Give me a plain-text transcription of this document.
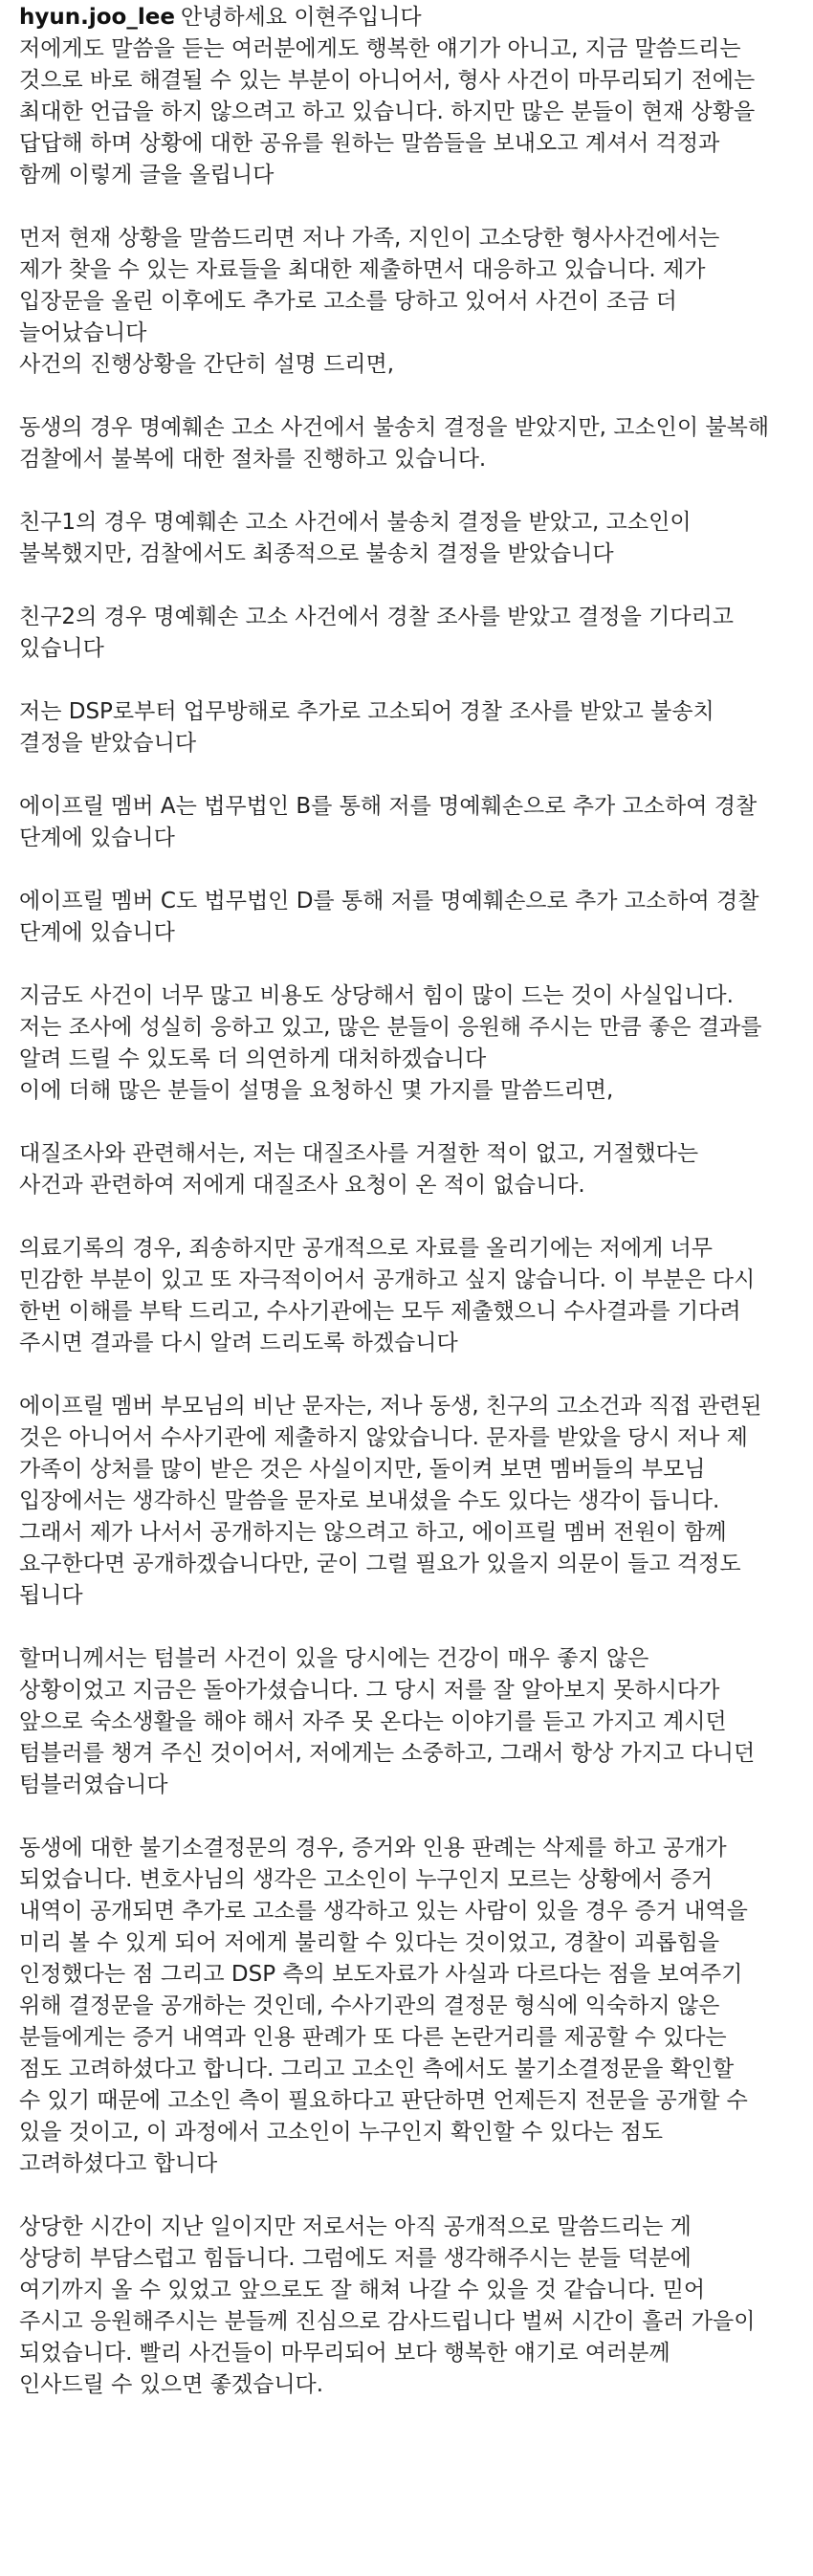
hyun.joo_lee 안녕하세요 이현주입니다

저에게도 말씀을 듣는 여러분에게도 행복한 얘기가 아니고, 지금 말씀드리는
것으로 바로 해결될 수 있는 부분이 아니어서, 형사 사건이 마무리되기 전에는
최대한 언급을 하지 않으려고 하고 있습니다. 하지만 많은 분들이 현재 상황을
답답해 하며 상황에 대한 공유를 원하는 말씀들을 보내오고 계셔서 걱정과
함께 이렇게 글을 올립니다

먼저 현재 상황을 말씀드리면 저나 가족, 지인이 고소당한 형사사건에서는
제가 찾을 수 있는 자료들을 최대한 제출하면서 대응하고 있습니다. 제가
입장문을 올린 이후에도 추가로 고소를 당하고 있어서 사건이 조금 더
늘어났습니다
사건의 진행상황을 간단히 설명 드리면,

동생의 경우 명예훼손 고소 사건에서 불송치 결정을 받았지만, 고소인이 불복해
검찰에서 불복에 대한 절차를 진행하고 있습니다.

친구1의 경우 명예훼손 고소 사건에서 불송치 결정을 받았고, 고소인이
불복했지만, 검찰에서도 최종적으로 불송치 결정을 받았습니다

친구2의 경우 명예훼손 고소 사건에서 경찰 조사를 받았고 결정을 기다리고
있습니다

저는 DSP로부터 업무방해로 추가로 고소되어 경찰 조사를 받았고 불송치
결정을 받았습니다

에이프릴 멤버 A는 법무법인 B를 통해 저를 명예훼손으로 추가 고소하여 경찰
단계에 있습니다

에이프릴 멤버 C도 법무법인 D를 통해 저를 명예훼손으로 추가 고소하여 경찰
단계에 있습니다

지금도 사건이 너무 많고 비용도 상당해서 힘이 많이 드는 것이 사실입니다.
저는 조사에 성실히 응하고 있고, 많은 분들이 응원해 주시는 만큼 좋은 결과를
알려 드릴 수 있도록 더 의연하게 대처하겠습니다
이에 더해 많은 분들이 설명을 요청하신 몇 가지를 말씀드리면,

대질조사와 관련해서는, 저는 대질조사를 거절한 적이 없고, 거절했다는
사건과 관련하여 저에게 대질조사 요청이 온 적이 없습니다.

의료기록의 경우, 죄송하지만 공개적으로 자료를 올리기에는 저에게 너무
민감한 부분이 있고 또 자극적이어서 공개하고 싶지 않습니다. 이 부분은 다시
한번 이해를 부탁 드리고, 수사기관에는 모두 제출했으니 수사결과를 기다려
주시면 결과를 다시 알려 드리도록 하겠습니다

에이프릴 멤버 부모님의 비난 문자는, 저나 동생, 친구의 고소건과 직접 관련된
것은 아니어서 수사기관에 제출하지 않았습니다. 문자를 받았을 당시 저나 제
가족이 상처를 많이 받은 것은 사실이지만, 돌이켜 보면 멤버들의 부모님
입장에서는 생각하신 말씀을 문자로 보내셨을 수도 있다는 생각이 듭니다.
그래서 제가 나서서 공개하지는 않으려고 하고, 에이프릴 멤버 전원이 함께
요구한다면 공개하겠습니다만, 굳이 그럴 필요가 있을지 의문이 들고 걱정도
됩니다

할머니께서는 텀블러 사건이 있을 당시에는 건강이 매우 좋지 않은
상황이었고 지금은 돌아가셨습니다. 그 당시 저를 잘 알아보지 못하시다가
앞으로 숙소생활을 해야 해서 자주 못 온다는 이야기를 듣고 가지고 계시던
텀블러를 챙겨 주신 것이어서, 저에게는 소중하고, 그래서 항상 가지고 다니던
텀블러였습니다

동생에 대한 불기소결정문의 경우, 증거와 인용 판례는 삭제를 하고 공개가
되었습니다. 변호사님의 생각은 고소인이 누구인지 모르는 상황에서 증거
내역이 공개되면 추가로 고소를 생각하고 있는 사람이 있을 경우 증거 내역을
미리 볼 수 있게 되어 저에게 불리할 수 있다는 것이었고, 경찰이 괴롭힘을
인정했다는 점 그리고 DSP 측의 보도자료가 사실과 다르다는 점을 보여주기
위해 결정문을 공개하는 것인데, 수사기관의 결정문 형식에 익숙하지 않은
분들에게는 증거 내역과 인용 판례가 또 다른 논란거리를 제공할 수 있다는
점도 고려하셨다고 합니다. 그리고 고소인 측에서도 불기소결정문을 확인할
수 있기 때문에 고소인 측이 필요하다고 판단하면 언제든지 전문을 공개할 수
있을 것이고, 이 과정에서 고소인이 누구인지 확인할 수 있다는 점도
고려하셨다고 합니다

상당한 시간이 지난 일이지만 저로서는 아직 공개적으로 말씀드리는 게
상당히 부담스럽고 힘듭니다. 그럼에도 저를 생각해주시는 분들 덕분에
여기까지 올 수 있었고 앞으로도 잘 해쳐 나갈 수 있을 것 같습니다. 믿어
주시고 응원해주시는 분들께 진심으로 감사드립니다 벌써 시간이 흘러 가을이
되었습니다. 빨리 사건들이 마무리되어 보다 행복한 얘기로 여러분께
인사드릴 수 있으면 좋겠습니다.
